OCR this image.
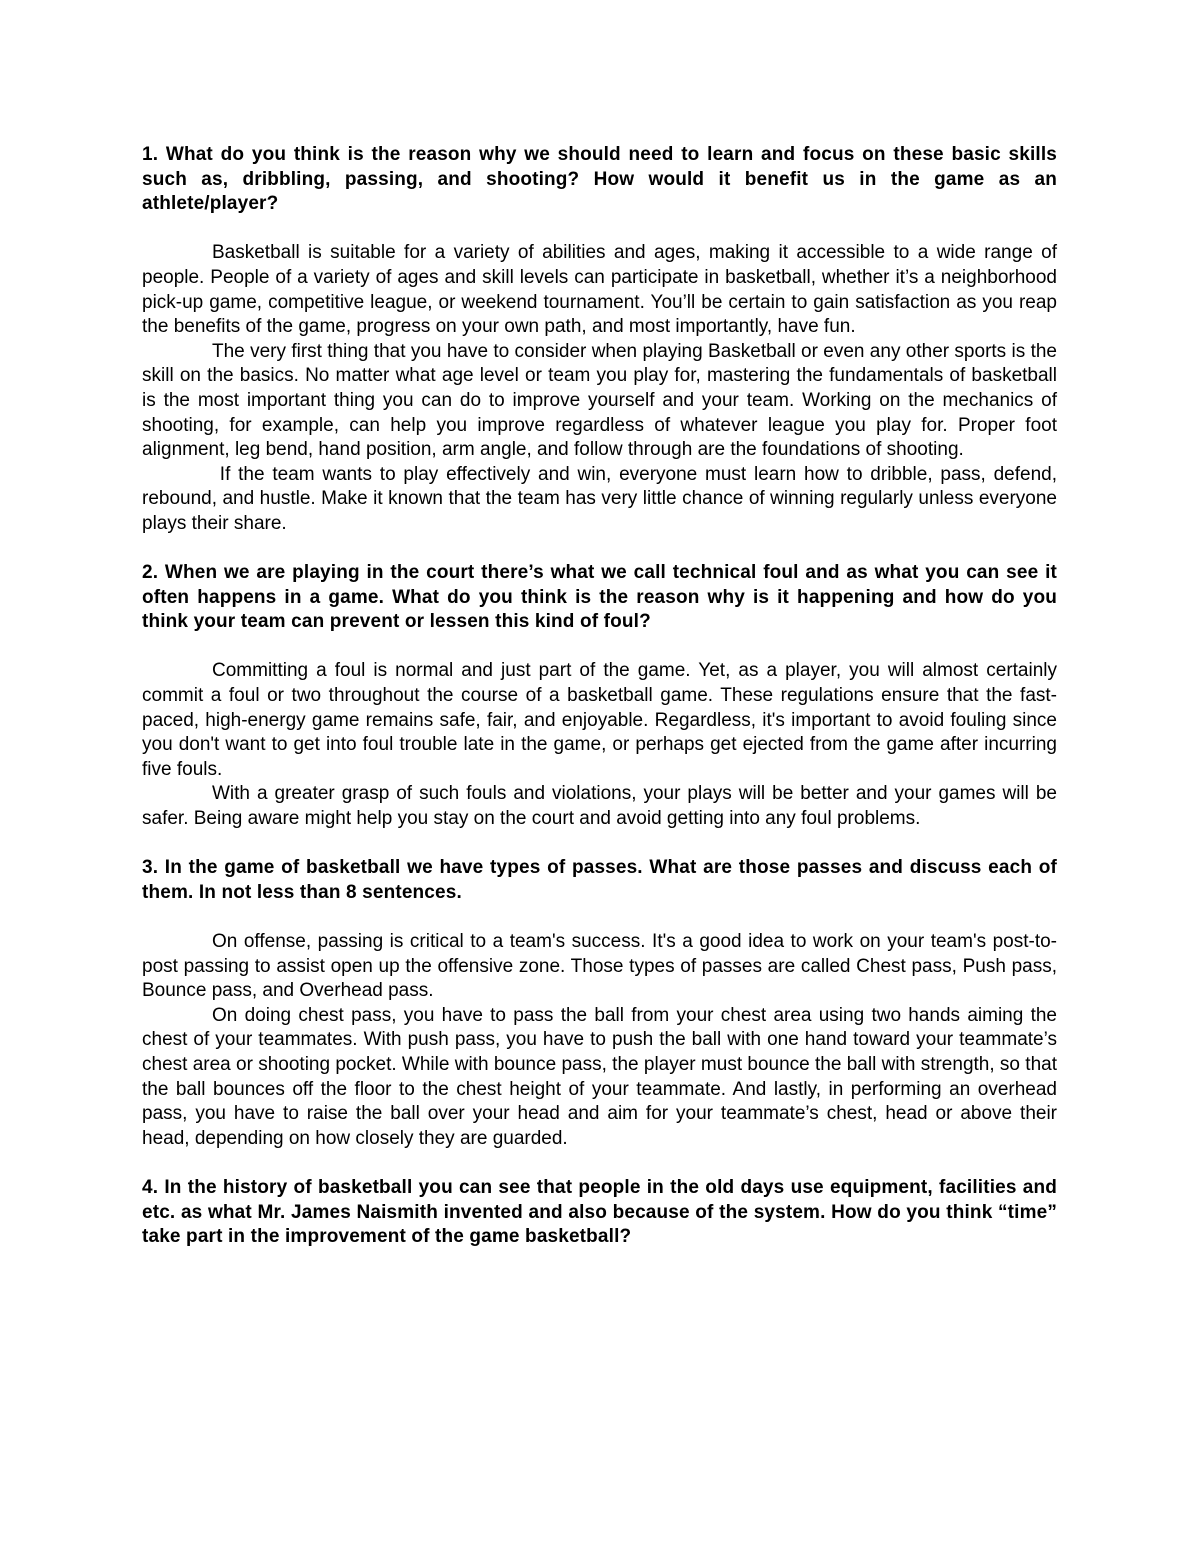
1. What do you think is the reason why we should need to learn and focus on these basic skills such as, dribbling, passing, and shooting? How would it benefit us in the game as an athlete/player?

Basketball is suitable for a variety of abilities and ages, making it accessible to a wide range of people. People of a variety of ages and skill levels can participate in basketball, whether it’s a neighborhood pick-up game, competitive league, or weekend tournament. You’ll be certain to gain satisfaction as you reap the benefits of the game, progress on your own path, and most importantly, have fun.

The very first thing that you have to consider when playing Basketball or even any other sports is the skill on the basics. No matter what age level or team you play for, mastering the fundamentals of basketball is the most important thing you can do to improve yourself and your team. Working on the mechanics of shooting, for example, can help you improve regardless of whatever league you play for. Proper foot alignment, leg bend, hand position, arm angle, and follow through are the foundations of shooting.

If the team wants to play effectively and win, everyone must learn how to dribble, pass, defend, rebound, and hustle. Make it known that the team has very little chance of winning regularly unless everyone plays their share.

2. When we are playing in the court there’s what we call technical foul and as what you can see it often happens in a game. What do you think is the reason why is it happening and how do you think your team can prevent or lessen this kind of foul?

Committing a foul is normal and just part of the game. Yet, as a player, you will almost certainly commit a foul or two throughout the course of a basketball game. These regulations ensure that the fast-paced, high-energy game remains safe, fair, and enjoyable. Regardless, it's important to avoid fouling since you don't want to get into foul trouble late in the game, or perhaps get ejected from the game after incurring five fouls.

With a greater grasp of such fouls and violations, your plays will be better and your games will be safer. Being aware might help you stay on the court and avoid getting into any foul problems.

3. In the game of basketball we have types of passes. What are those passes and discuss each of them. In not less than 8 sentences.

On offense, passing is critical to a team's success. It's a good idea to work on your team's post-to-post passing to assist open up the offensive zone. Those types of passes are called Chest pass, Push pass, Bounce pass, and Overhead pass.

On doing chest pass, you have to pass the ball from your chest area using two hands aiming the chest of your teammates. With push pass, you have to push the ball with one hand toward your teammate’s chest area or shooting pocket. While with bounce pass, the player must bounce the ball with strength, so that the ball bounces off the floor to the chest height of your teammate. And lastly, in performing an overhead pass, you have to raise the ball over your head and aim for your teammate’s chest, head or above their head, depending on how closely they are guarded.

4. In the history of basketball you can see that people in the old days use equipment, facilities and etc. as what Mr. James Naismith invented and also because of the system. How do you think “time” take part in the improvement of the game basketball?
